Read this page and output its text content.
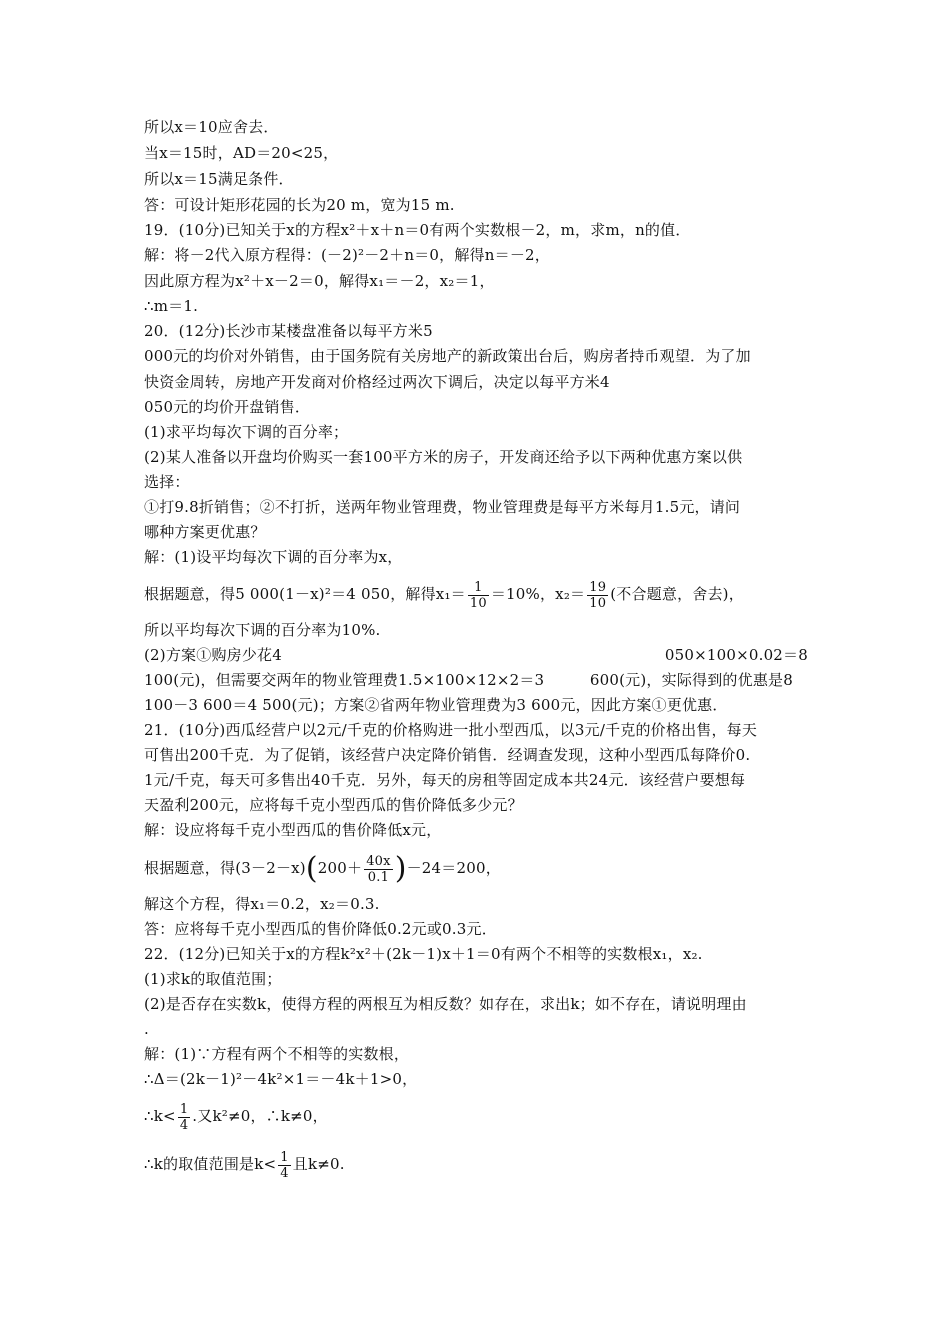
所以x＝10应舍去．
当x＝15时，AD＝20<25，
所以x＝15满足条件．
答：可设计矩形花园的长为20 m，宽为15 m.
19．(10分)已知关于x的方程x²＋x＋n＝0有两个实数根－2，m，求m，n的值．
解：将－2代入原方程得：(－2)²－2＋n＝0，解得n＝－2，
因此原方程为x²＋x－2＝0，解得x₁＝－2，x₂＝1，
∴m＝1.
20．(12分)长沙市某楼盘准备以每平方米5
000元的均价对外销售，由于国务院有关房地产的新政策出台后，购房者持币观望．为了加
快资金周转，房地产开发商对价格经过两次下调后，决定以每平方米4
050元的均价开盘销售．
(1)求平均每次下调的百分率；
(2)某人准备以开盘均价购买一套100平方米的房子，开发商还给予以下两种优惠方案以供
选择：
①打9.8折销售；②不打折，送两年物业管理费，物业管理费是每平方米每月1.5元，请问
哪种方案更优惠？
解：(1)设平均每次下调的百分率为x，
根据题意，得5 000(1－x)²＝4 050，解得$x_1= \frac{1}{10} =10\%$，$x_2= \frac{19}{10}$ (不合题意，舍去)，
所以平均每次下调的百分率为10%.
(2)方案①购房少花4	050×100×0.02＝8
100(元)，但需要交两年的物业管理费1.5×100×12×2＝3　　　600(元)，实际得到的优惠是8
100－3 600＝4 500(元)；方案②省两年物业管理费为3 600元，因此方案①更优惠．
21．(10分)西瓜经营户以2元/千克的价格购进一批小型西瓜，以3元/千克的价格出售，每天
可售出200千克．为了促销，该经营户决定降价销售．经调查发现，这种小型西瓜每降价0.
1元/千克，每天可多售出40千克．另外，每天的房租等固定成本共24元．该经营户要想每
天盈利200元，应将每千克小型西瓜的售价降低多少元？
解：设应将每千克小型西瓜的售价降低x元，
根据题意，得$(3-2-x)(200+ \frac{40x}{0.1} )-24=200$，
解这个方程，得x₁＝0.2，x₂＝0.3.
答：应将每千克小型西瓜的售价降低0.2元或0.3元．
22．(12分)已知关于x的方程k²x²＋(2k－1)x＋1＝0有两个不相等的实数根x₁，x₂.
(1)求k的取值范围；
(2)是否存在实数k，使得方程的两根互为相反数？如存在，求出k；如不存在，请说明理由
.
解：(1)∵方程有两个不相等的实数根，
∴Δ＝(2k－1)²－4k²×1＝－4k＋1>0，
∴k< $\frac{1}{4}$ .又k²≠0，∴k≠0，
∴k的取值范围是$k< \frac{1}{4}$ 且k≠0.
